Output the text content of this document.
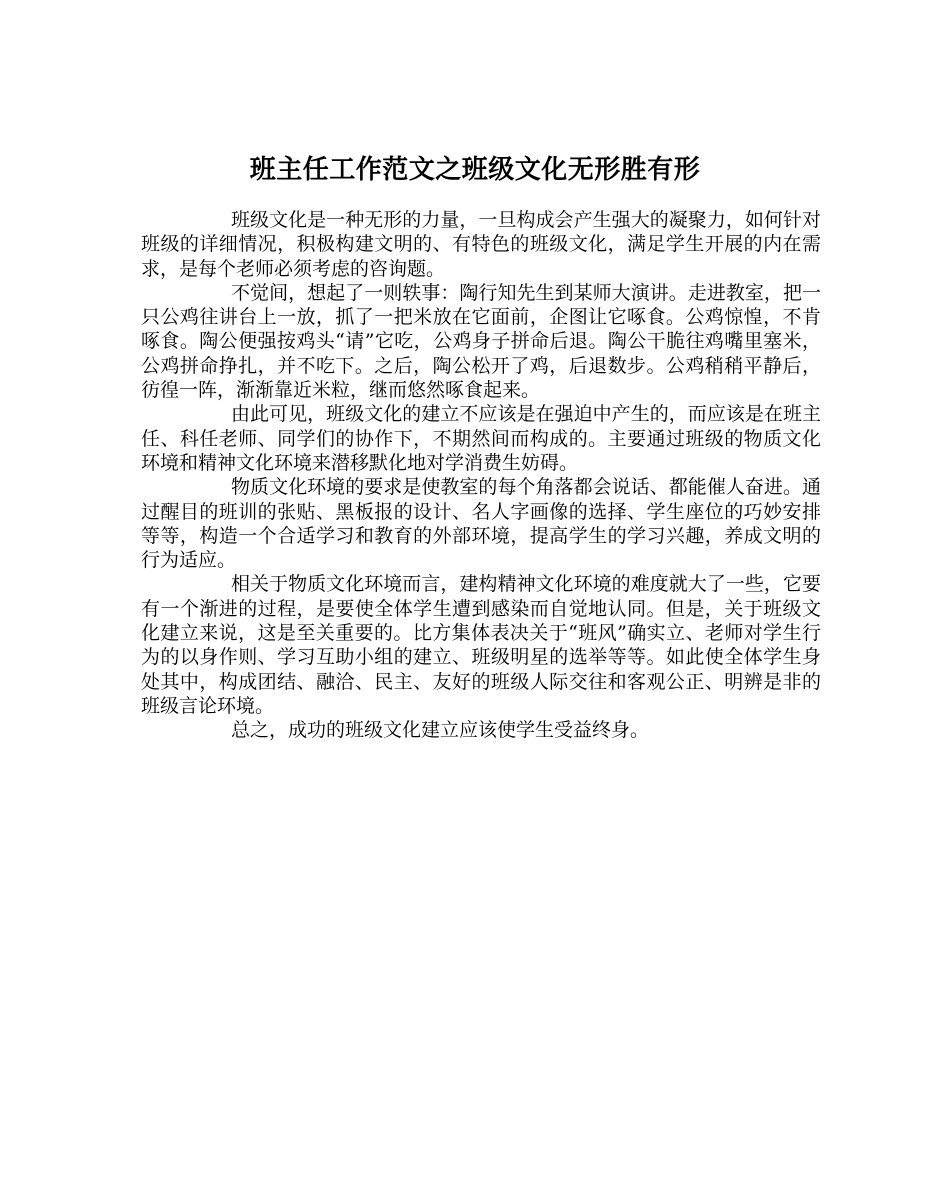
班主任工作范文之班级文化无形胜有形

班级文化是一种无形的力量，一旦构成会产生强大的凝聚力，如何针对班级的详细情况，积极构建文明的、有特色的班级文化，满足学生开展的内在需求，是每个老师必须考虑的咨询题。

不觉间，想起了一则轶事：陶行知先生到某师大演讲。走进教室，把一只公鸡往讲台上一放，抓了一把米放在它面前，企图让它啄食。公鸡惊惶，不肯啄食。陶公便强按鸡头“请”它吃，公鸡身子拼命后退。陶公干脆往鸡嘴里塞米，公鸡拼命挣扎，并不吃下。之后，陶公松开了鸡，后退数步。公鸡稍稍平静后，彷徨一阵，渐渐靠近米粒，继而悠然啄食起来。

由此可见，班级文化的建立不应该是在强迫中产生的，而应该是在班主任、科任老师、同学们的协作下，不期然间而构成的。主要通过班级的物质文化环境和精神文化环境来潜移默化地对学消费生妨碍。

物质文化环境的要求是使教室的每个角落都会说话、都能催人奋进。通过醒目的班训的张贴、黑板报的设计、名人字画像的选择、学生座位的巧妙安排等等，构造一个合适学习和教育的外部环境，提高学生的学习兴趣，养成文明的行为适应。

相关于物质文化环境而言，建构精神文化环境的难度就大了一些，它要有一个渐进的过程，是要使全体学生遭到感染而自觉地认同。但是，关于班级文化建立来说，这是至关重要的。比方集体表决关于“班风”确实立、老师对学生行为的以身作则、学习互助小组的建立、班级明星的选举等等。如此使全体学生身处其中，构成团结、融洽、民主、友好的班级人际交往和客观公正、明辨是非的班级言论环境。

总之，成功的班级文化建立应该使学生受益终身。
